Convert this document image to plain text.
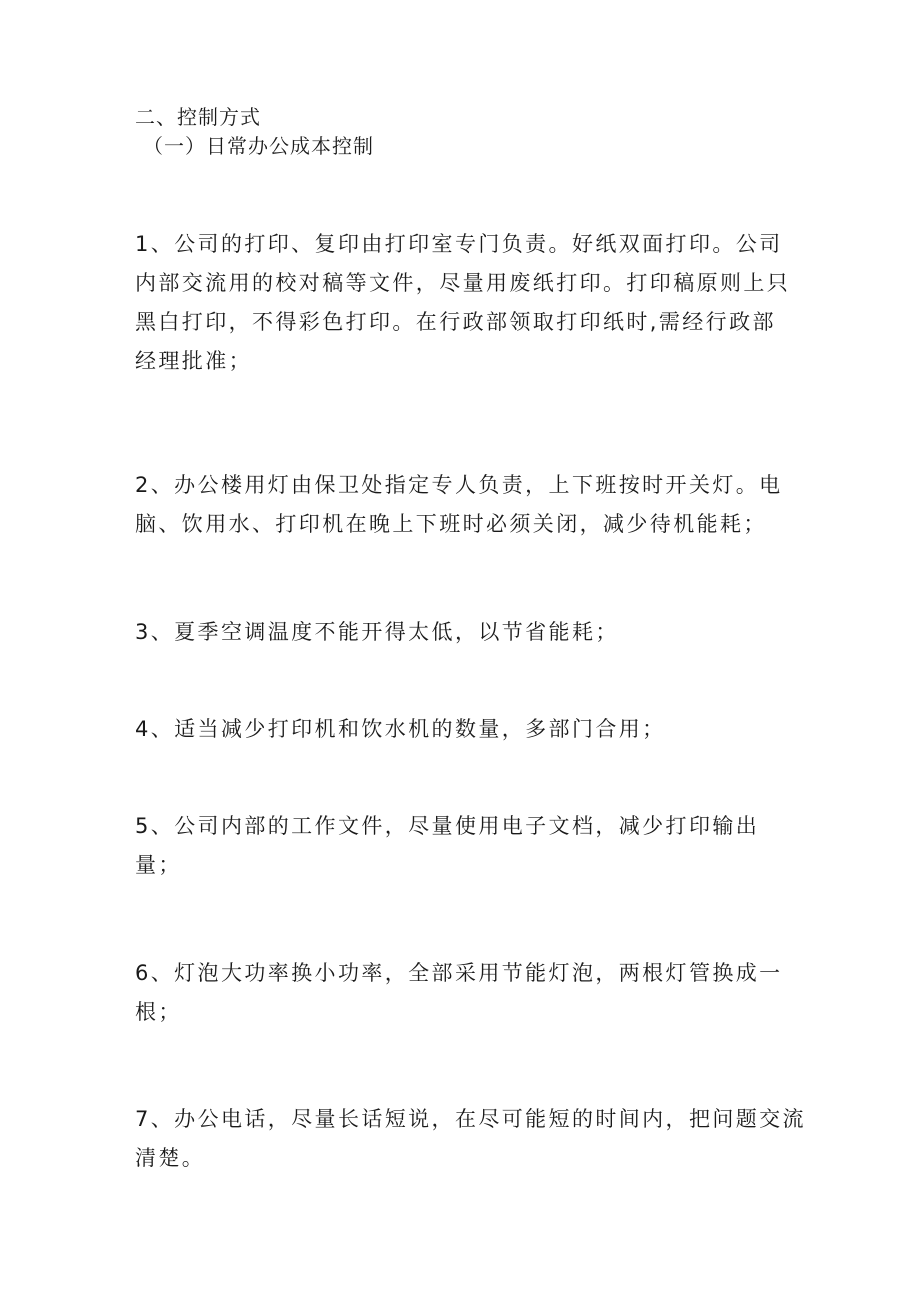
二、控制方式
（一）日常办公成本控制
1、公司的打印、复印由打印室专门负责。好纸双面打印。公司
内部交流用的校对稿等文件，尽量用废纸打印。打印稿原则上只
黑白打印，不得彩色打印。在行政部领取打印纸时,需经行政部
经理批准；
2、办公楼用灯由保卫处指定专人负责，上下班按时开关灯。电
脑、饮用水、打印机在晚上下班时必须关闭，减少待机能耗；
3、夏季空调温度不能开得太低，以节省能耗；
4、适当减少打印机和饮水机的数量，多部门合用；
5、公司内部的工作文件，尽量使用电子文档，减少打印输出
量；
6、灯泡大功率换小功率，全部采用节能灯泡，两根灯管换成一
根；
7、办公电话，尽量长话短说，在尽可能短的时间内，把问题交流
清楚。
